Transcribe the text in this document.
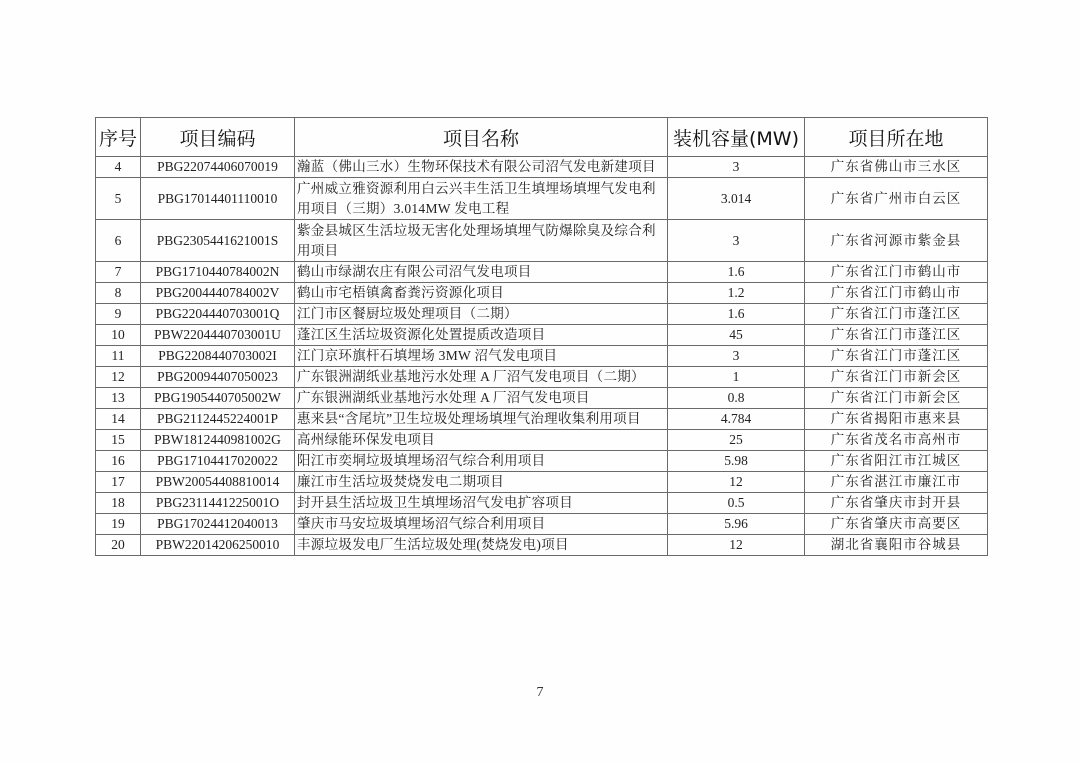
序号	项目编码	项目名称	装机容量(MW)	项目所在地
4	PBG22074406070019	瀚蓝（佛山三水）生物环保技术有限公司沼气发电新建项目	3	广东省佛山市三水区
5	PBG17014401110010	广州威立雅资源利用白云兴丰生活卫生填埋场填埋气发电利用项目（三期）3.014MW 发电工程	3.014	广东省广州市白云区
6	PBG2305441621001S	紫金县城区生活垃圾无害化处理场填埋气防爆除臭及综合利用项目	3	广东省河源市紫金县
7	PBG1710440784002N	鹤山市绿湖农庄有限公司沼气发电项目	1.6	广东省江门市鹤山市
8	PBG2004440784002V	鹤山市宅梧镇禽畜粪污资源化项目	1.2	广东省江门市鹤山市
9	PBG2204440703001Q	江门市区餐厨垃圾处理项目（二期）	1.6	广东省江门市蓬江区
10	PBW2204440703001U	蓬江区生活垃圾资源化处置提质改造项目	45	广东省江门市蓬江区
11	PBG2208440703002I	江门京环旗杆石填埋场 3MW 沼气发电项目	3	广东省江门市蓬江区
12	PBG20094407050023	广东银洲湖纸业基地污水处理 A 厂沼气发电项目（二期）	1	广东省江门市新会区
13	PBG1905440705002W	广东银洲湖纸业基地污水处理 A 厂沼气发电项目	0.8	广东省江门市新会区
14	PBG2112445224001P	惠来县“含尾坑”卫生垃圾处理场填埋气治理收集利用项目	4.784	广东省揭阳市惠来县
15	PBW1812440981002G	高州绿能环保发电项目	25	广东省茂名市高州市
16	PBG17104417020022	阳江市奕垌垃圾填埋场沼气综合利用项目	5.98	广东省阳江市江城区
17	PBW20054408810014	廉江市生活垃圾焚烧发电二期项目	12	广东省湛江市廉江市
18	PBG2311441225001O	封开县生活垃圾卫生填埋场沼气发电扩容项目	0.5	广东省肇庆市封开县
19	PBG17024412040013	肇庆市马安垃圾填埋场沼气综合利用项目	5.96	广东省肇庆市高要区
20	PBW22014206250010	丰源垃圾发电厂生活垃圾处理(焚烧发电)项目	12	湖北省襄阳市谷城县
7
